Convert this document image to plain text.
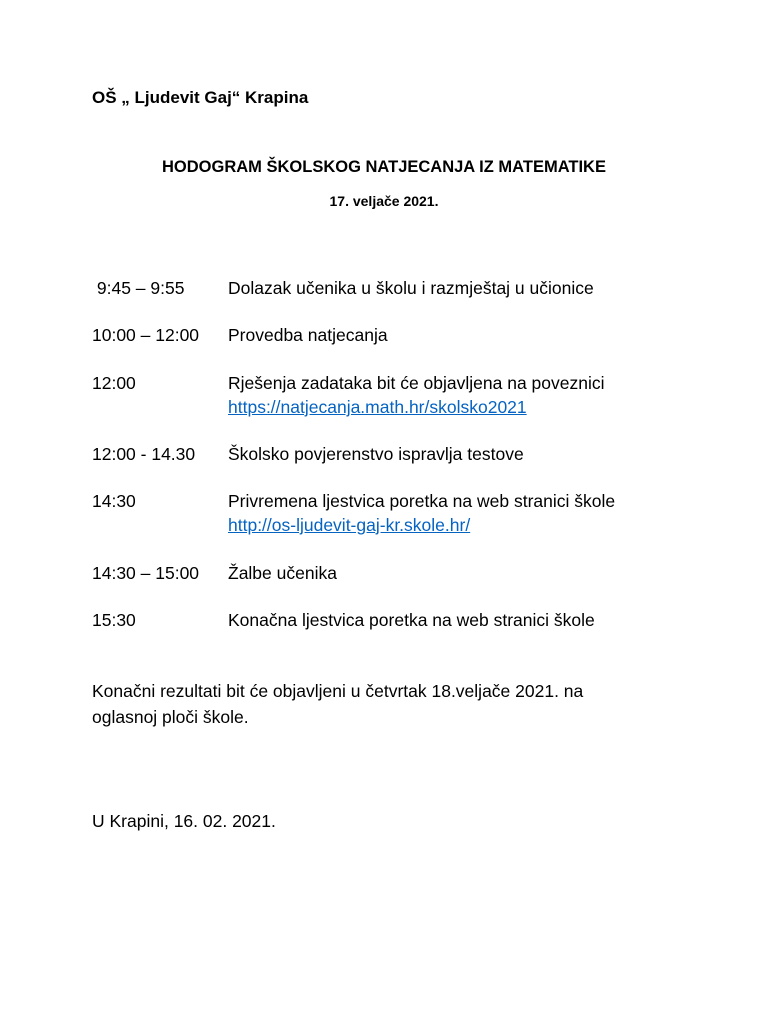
OŠ „ Ljudevit Gaj“ Krapina
HODOGRAM ŠKOLSKOG NATJECANJA IZ MATEMATIKE
17. veljače 2021.
9:45 – 9:55 Dolazak učenika u školu i razmještaj u učionice
10:00 – 12:00 Provedba natjecanja
12:00	Rješenja zadataka bit će objavljena na poveznici
https://natjecanja.math.hr/skolsko2021
12:00 - 14.30 Školsko povjerenstvo ispravlja testove
14:30	Privremena ljestvica poretka na web stranici škole
http://os-ljudevit-gaj-kr.skole.hr/
14:30 – 15:00 Žalbe učenika
15:30	Konačna ljestvica poretka na web stranici škole
Konačni rezultati bit će objavljeni u četvrtak 18.veljače 2021. na oglasnoj ploči škole.
U Krapini, 16. 02. 2021.
